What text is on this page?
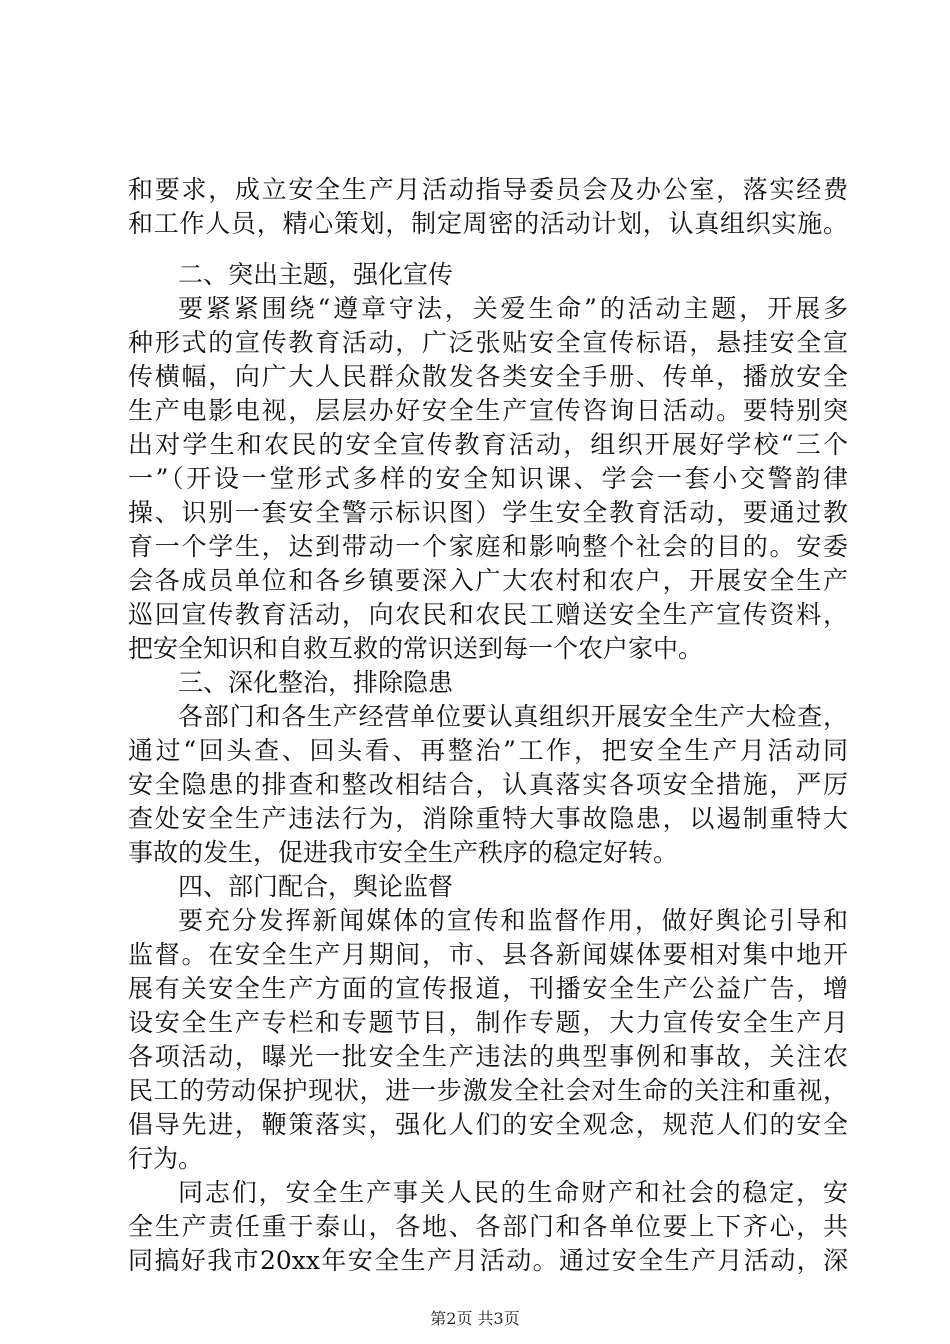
和要求，成立安全生产月活动指导委员会及办公室，落实经费
和工作人员，精心策划，制定周密的活动计划，认真组织实施。
二、突出主题，强化宣传
要紧紧围绕“遵章守法，关爱生命”的活动主题，开展多
种形式的宣传教育活动，广泛张贴安全宣传标语，悬挂安全宣
传横幅，向广大人民群众散发各类安全手册、传单，播放安全
生产电影电视，层层办好安全生产宣传咨询日活动。要特别突
出对学生和农民的安全宣传教育活动，组织开展好学校“三个
一”（开设一堂形式多样的安全知识课、学会一套小交警韵律
操、识别一套安全警示标识图）学生安全教育活动，要通过教
育一个学生，达到带动一个家庭和影响整个社会的目的。安委
会各成员单位和各乡镇要深入广大农村和农户，开展安全生产
巡回宣传教育活动，向农民和农民工赠送安全生产宣传资料，
把安全知识和自救互救的常识送到每一个农户家中。
三、深化整治，排除隐患
各部门和各生产经营单位要认真组织开展安全生产大检查，
通过“回头查、回头看、再整治”工作，把安全生产月活动同
安全隐患的排查和整改相结合，认真落实各项安全措施，严厉
查处安全生产违法行为，消除重特大事故隐患，以遏制重特大
事故的发生，促进我市安全生产秩序的稳定好转。
四、部门配合，舆论监督
要充分发挥新闻媒体的宣传和监督作用，做好舆论引导和
监督。在安全生产月期间，市、县各新闻媒体要相对集中地开
展有关安全生产方面的宣传报道，刊播安全生产公益广告，增
设安全生产专栏和专题节目，制作专题，大力宣传安全生产月
各项活动，曝光一批安全生产违法的典型事例和事故，关注农
民工的劳动保护现状，进一步激发全社会对生命的关注和重视，
倡导先进，鞭策落实，强化人们的安全观念，规范人们的安全
行为。
同志们，安全生产事关人民的生命财产和社会的稳定，安
全生产责任重于泰山，各地、各部门和各单位要上下齐心，共
同搞好我市20xx年安全生产月活动。通过安全生产月活动，深
第2页 共3页
